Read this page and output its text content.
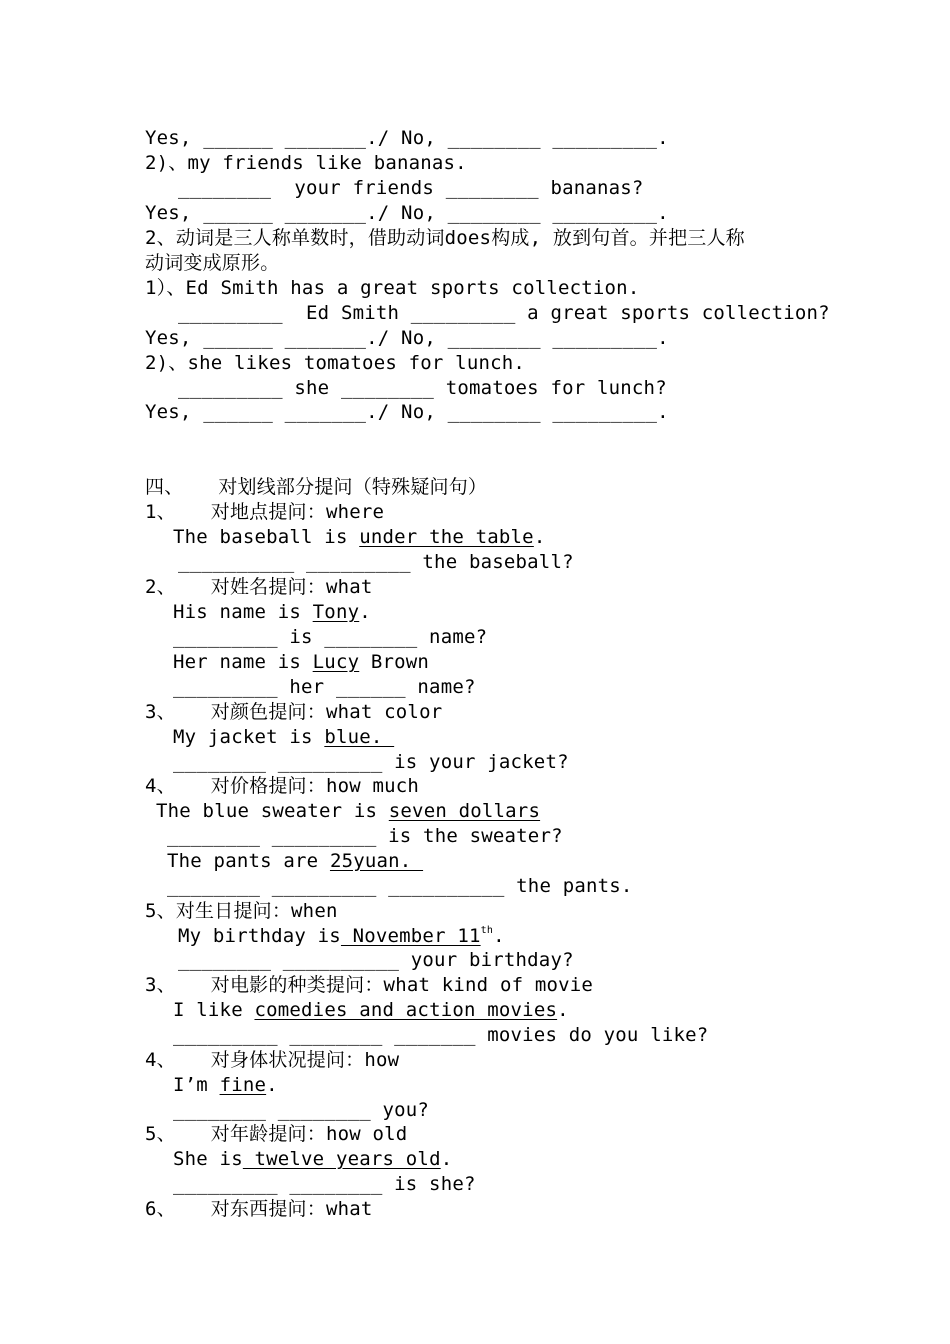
Yes, ______ _______./ No, ________ _________.
2)、my friends like bananas.
________  your friends ________ bananas?
Yes, ______ _______./ No, ________ _________.
2、动词是三人称单数时，借助动词does构成, 放到句首。并把三人称
动词变成原形。
1）、Ed Smith has a great sports collection.
_________  Ed Smith _________ a great sports collection?
Yes, ______ _______./ No, ________ _________.
2)、she likes tomatoes for lunch.
_________ she ________ tomatoes for lunch?
Yes, ______ _______./ No, ________ _________.
四、   对划线部分提问（特殊疑问句）
1、   对地点提问：where
The baseball is under the table.
__________ _________ the baseball?
2、   对姓名提问：what
His name is Tony.
_________ is ________ name?
Her name is Lucy Brown
_________ her ______ name?
3、   对颜色提问：what color
My jacket is blue.
________ _________ is your jacket?
4、   对价格提问：how much
The blue sweater is seven dollars
________ _________ is the sweater?
The pants are 25yuan.
________ _________ __________ the pants.
5、对生日提问：when
My birthday is November 11th.
________ __________ your birthday?
3、   对电影的种类提问：what kind of movie
I like comedies and action movies.
_________ ________ _______ movies do you like?
4、   对身体状况提问：how
I’m fine.
________ ________ you?
5、   对年龄提问：how old
She is twelve years old.
_________ ________ is she?
6、   对东西提问：what
